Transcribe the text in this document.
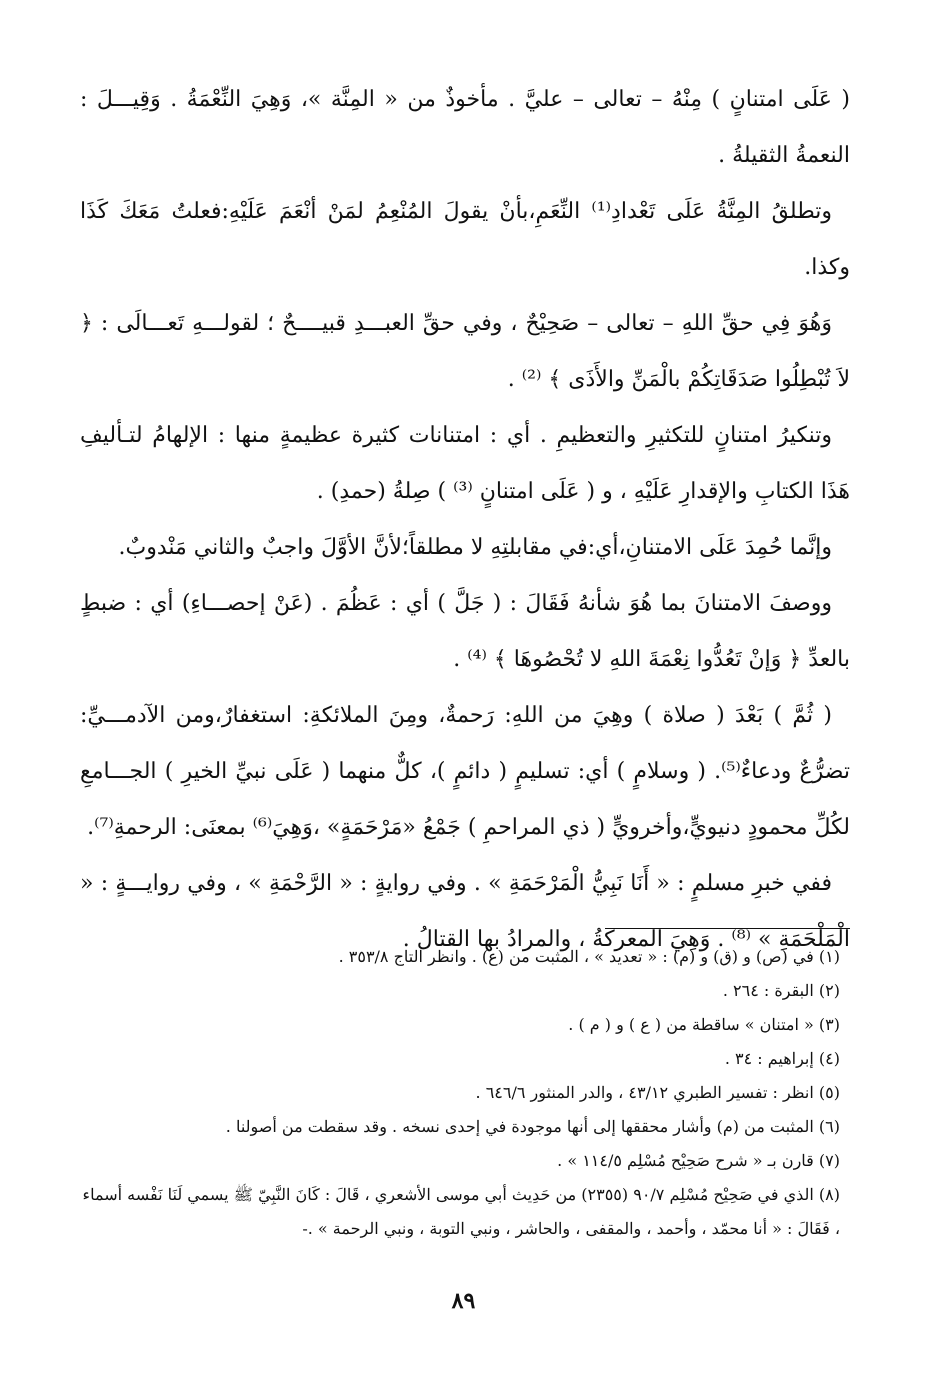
( عَلَى امتنانٍ ) مِنْهُ – تعالى – عليَّ . مأخوذٌ من « المِنَّة »، وَهِيَ النِّعْمَةُ . وَقِيـــلَ : النعمةُ الثقيلةُ .

وتطلقُ المِنَّةُ عَلَى تَعْدادِ⁽¹⁾ النِّعَمِ،بأنْ يقولَ المُنْعِمُ لمَنْ أنْعَمَ عَلَيْهِ:فعلتُ مَعَكَ كَذَا وكذا.

وَهُوَ فِي حقِّ اللهِ – تعالى – صَحِيْحٌ ، وفي حقِّ العبـــدِ قبيــــحٌ ؛ لقولـــهِ تَعـــالَى : ﴿ لاَ تُبْطِلُوا صَدَقَاتِكُمْ بالْمَنِّ والأَذَى ﴾ ⁽²⁾ .

وتنكيرُ امتنانٍ للتكثيرِ والتعظيمِ . أي : امتنانات كثيرة عظيمةٍ منها : الإلهامُ لتـأليفِ هَذَا الكتابِ والإقدارِ عَلَيْهِ ، و ( عَلَى امتنانٍ ⁽³⁾ ) صِلةُ (حمدِ) .

وإنَّما حُمِدَ عَلَى الامتنانِ،أي:في مقابلتِهِ لا مطلقاً؛لأنَّ الأوَّلَ واجبٌ والثاني مَنْدوبٌ.

ووصفَ الامتنانَ بما هُوَ شأنهُ فَقَالَ : ( جَلَّ ) أي : عَظُمَ . (عَنْ إحصـــاءِ) أي : ضبطٍ بالعدِّ ﴿ وَإنْ تَعُدُّوا نِعْمَةَ اللهِ لا تُحْصُوهَا ﴾ ⁽⁴⁾ .

( ثُمَّ ) بَعْدَ ( صلاة ) وهِيَ من اللهِ: رَحمةٌ، ومِنَ الملائكةِ: استغفارٌ،ومن الآدمـــيِّ: تضرُّعٌ ودعاءٌ⁽⁵⁾. ( وسلامٍ ) أي: تسليمٍ ( دائمٍ )، كلٌّ منهما ( عَلَى نبيِّ الخيرِ ) الجـــامعِ لكُلِّ محمودٍ دنيويٍّ،وأخرويٍّ ( ذي المراحمِ ) جَمْعُ «مَرْحَمَةٍ» ،وَهِيَ⁽⁶⁾ بمعنَى: الرحمةِ⁽⁷⁾.

ففي خبرِ مسلمٍ : « أَنَا نَبِيُّ الْمَرْحَمَةِ » . وفي روايةٍ : « الرَّحْمَةِ » ، وفي روايـــةٍ : « الْمَلْحَمَةِ » ⁽⁸⁾ . وَهِيَ المعركةُ ، والمرادُ بها القتالُ .

(١) في (ص) و (ق) و (م) : « تعديد » ، المثبت من (ع) . وانظر التاج ٣٥٣/٨ .

(٢) البقرة : ٢٦٤ .

(٣) « امتنان » ساقطة من ( ع ) و ( م ) .

(٤) إبراهيم : ٣٤ .

(٥) انظر : تفسير الطبري ٤٣/١٢ ، والدر المنثور ٦٤٦/٦ .

(٦) المثبت من (م) وأشار محققها إلى أنها موجودة في إحدى نسخه . وقد سقطت من أصولنا .

(٧) قارن بـ « شرح صَحِيْح مُسْلِم ١١٤/٥ » .

(٨) الذي في صَحِيْح مُسْلِم ٩٠/٧ (٢٣٥٥) من حَدِيث أبي موسى الأشعري ، قَالَ : كَانَ النَّبِيّ ﷺ يسمي لَنَا نَفْسه أسماء ، فَقَالَ : « أنا محمّد ، وأحمد ، والمقفى ، والحاشر ، ونبي التوبة ، ونبي الرحمة » .-

٨٩
